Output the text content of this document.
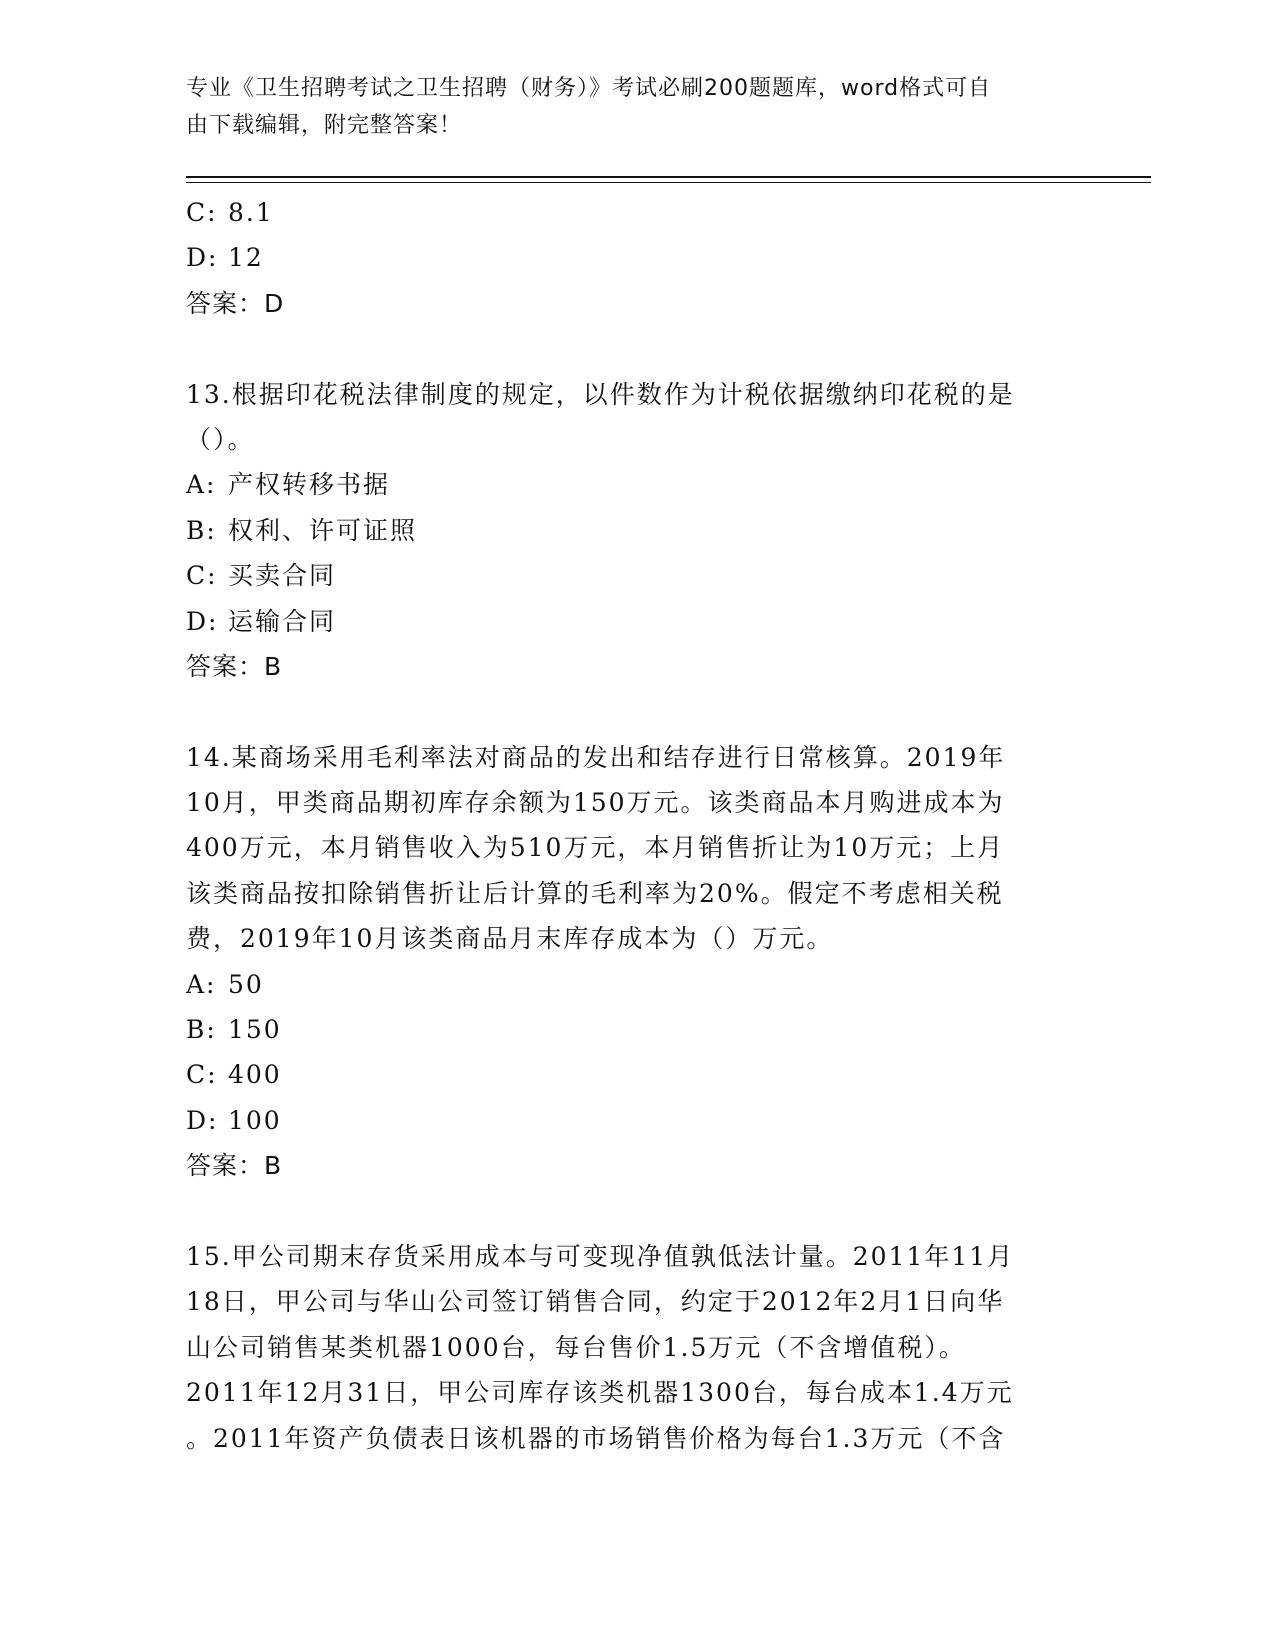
专业《卫生招聘考试之卫生招聘（财务）》考试必刷200题题库，word格式可自
由下载编辑，附完整答案！
C: 8.1
D: 12
答案：D
13.根据印花税法律制度的规定，以件数作为计税依据缴纳印花税的是
（）。
A: 产权转移书据
B: 权利、许可证照
C: 买卖合同
D: 运输合同
答案：B
14.某商场采用毛利率法对商品的发出和结存进行日常核算。2019年
10月，甲类商品期初库存余额为150万元。该类商品本月购进成本为
400万元，本月销售收入为510万元，本月销售折让为10万元；上月
该类商品按扣除销售折让后计算的毛利率为20%。假定不考虑相关税
费，2019年10月该类商品月末库存成本为（）万元。
A: 50
B: 150
C: 400
D: 100
答案：B
15.甲公司期末存货采用成本与可变现净值孰低法计量。2011年11月
18日，甲公司与华山公司签订销售合同，约定于2012年2月1日向华
山公司销售某类机器1000台，每台售价1.5万元（不含增值税）。
2011年12月31日，甲公司库存该类机器1300台，每台成本1.4万元
。2011年资产负债表日该机器的市场销售价格为每台1.3万元（不含
